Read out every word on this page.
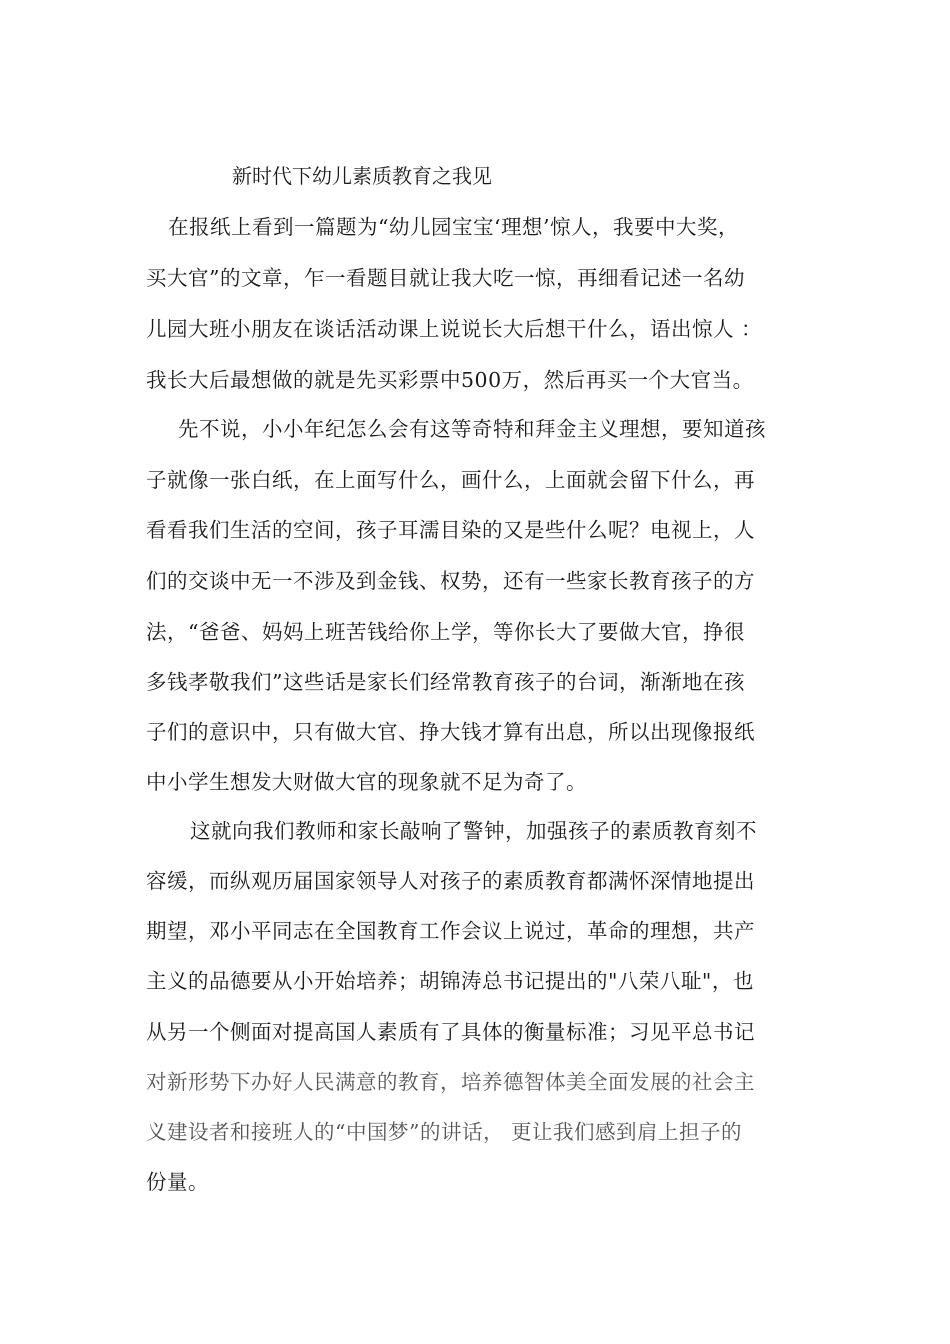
新时代下幼儿素质教育之我见
在报纸上看到一篇题为“幼儿园宝宝‘理想’惊人，我要中大奖，
买大官”的文章，乍一看题目就让我大吃一惊，再细看记述一名幼
儿园大班小朋友在谈话活动课上说说长大后想干什么，语出惊人 ：
我长大后最想做的就是先买彩票中500万，然后再买一个大官当。
先不说，小小年纪怎么会有这等奇特和拜金主义理想，要知道孩
子就像一张白纸，在上面写什么，画什么，上面就会留下什么，再
看看我们生活的空间，孩子耳濡目染的又是些什么呢？电视上，人
们的交谈中无一不涉及到金钱、权势，还有一些家长教育孩子的方
法，“爸爸、妈妈上班苦钱给你上学，等你长大了要做大官，挣很
多钱孝敬我们”这些话是家长们经常教育孩子的台词，渐渐地在孩
子们的意识中，只有做大官、挣大钱才算有出息，所以出现像报纸
中小学生想发大财做大官的现象就不足为奇了。
这就向我们教师和家长敲响了警钟，加强孩子的素质教育刻不
容缓，而纵观历届国家领导人对孩子的素质教育都满怀深情地提出
期望，邓小平同志在全国教育工作会议上说过，革命的理想，共产
主义的品德要从小开始培养；胡锦涛总书记提出的"八荣八耻"，也
从另一个侧面对提高国人素质有了具体的衡量标准；习见平总书记
对新形势下办好人民满意的教育，培养德智体美全面发展的社会主
义建设者和接班人的“中国梦”的讲话， 更让我们感到肩上担子的
份量。
